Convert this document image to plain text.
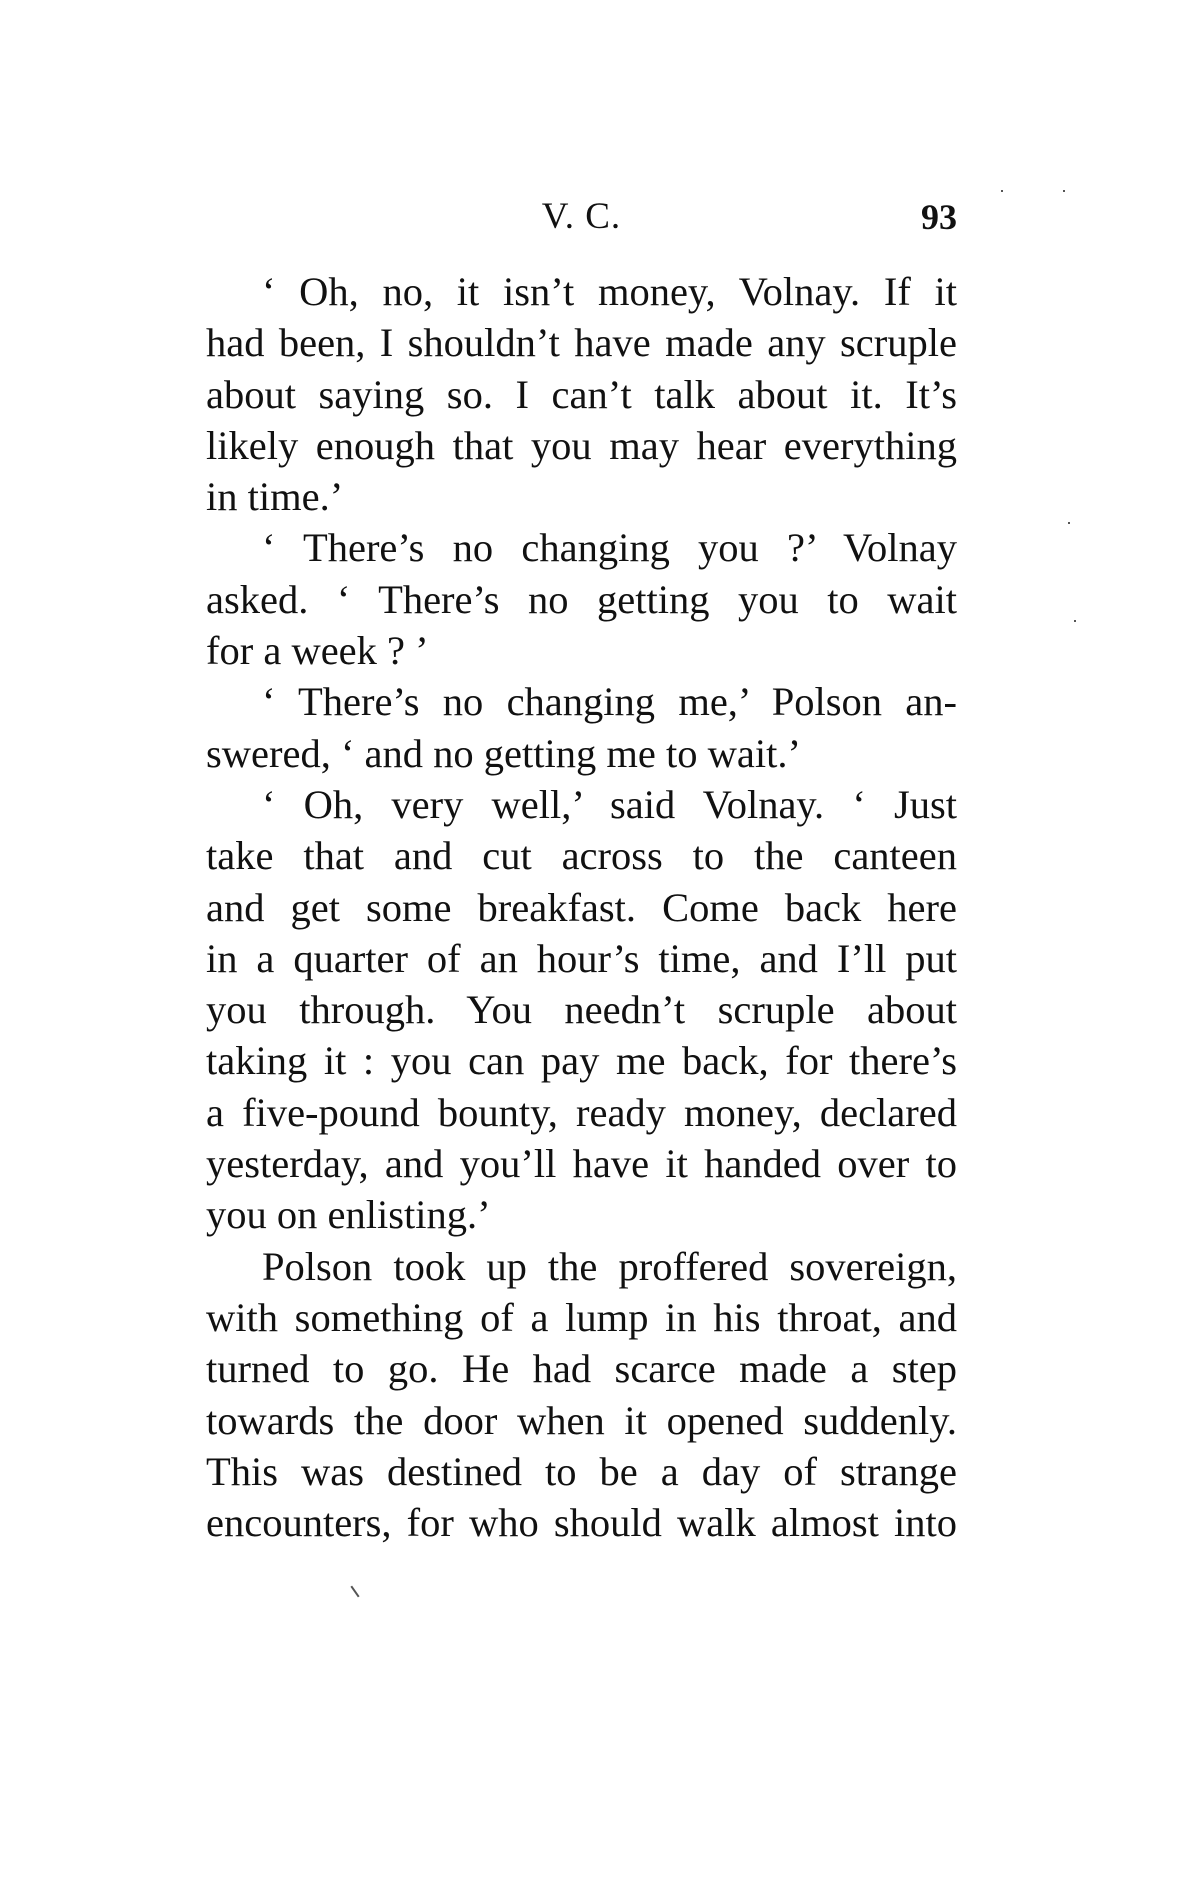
V. C.	93
‘ Oh, no, it isn’t money, Volnay. If it
had been, I shouldn’t have made any scruple
about saying so. I can’t talk about it. It’s
likely enough that you may hear everything
in time.’
‘ There’s no changing you ?’ Volnay
asked. ‘ There’s no getting you to wait
for a week ? ’
‘ There’s no changing me,’ Polson an-
swered, ‘ and no getting me to wait.’
‘ Oh, very well,’ said Volnay. ‘ Just
take that and cut across to the canteen
and get some breakfast. Come back here
in a quarter of an hour’s time, and I’ll put
you through. You needn’t scruple about
taking it : you can pay me back, for there’s
a five-pound bounty, ready money, declared
yesterday, and you’ll have it handed over to
you on enlisting.’
Polson took up the proffered sovereign,
with something of a lump in his throat, and
turned to go. He had scarce made a step
towards the door when it opened suddenly.
This was destined to be a day of strange
encounters, for who should walk almost into
